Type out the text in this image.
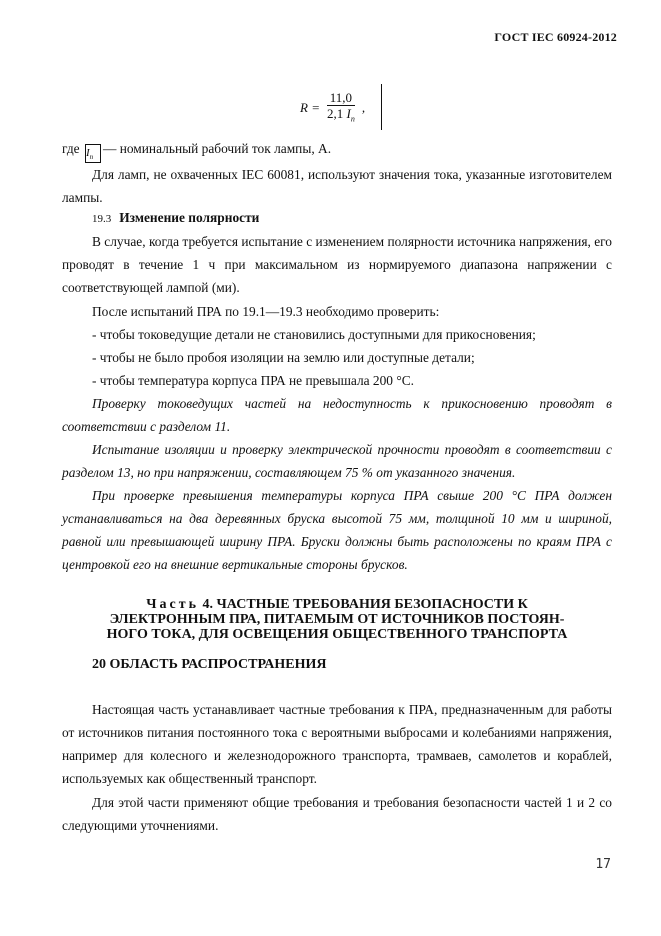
ГОСТ IEC 60924-2012
$R = \frac{11,0}{2,1 I_n}$ ,
где $I_n—$ номинальный рабочий ток лампы, А.
Для ламп, не охваченных IEC 60081, используют значения тока, указанные изготовителем лампы.
19.3 Изменение полярности
В случае, когда требуется испытание с изменением полярности источника напряжения, его проводят в течение 1 ч при максимальном из нормируемого диапазона напряжении с соответствующей лампой (ми).
После испытаний ПРА по 19.1—19.3 необходимо проверить:
- чтобы токоведущие детали не становились доступными для прикосновения;
- чтобы не было пробоя изоляции на землю или доступные детали;
- чтобы температура корпуса ПРА не превышала 200 °С.
Проверку токоведущих частей на недоступность к прикосновению проводят в соответствии с разделом 11.
Испытание изоляции и проверку электрической прочности проводят в соответствии с разделом 13, но при напряжении, составляющем 75 % от указанного значения.
При проверке превышения температуры корпуса ПРА свыше 200 °С ПРА должен устанавливаться на два деревянных бруска высотой 75 мм, толщиной 10 мм и шириной, равной или превышающей ширину ПРА. Бруски должны быть расположены по краям ПРА с центровкой его на внешние вертикальные стороны брусков.
Часть 4. ЧАСТНЫЕ ТРЕБОВАНИЯ БЕЗОПАСНОСТИ К
ЭЛЕКТРОННЫМ ПРА, ПИТАЕМЫМ ОТ ИСТОЧНИКОВ ПОСТОЯН-
НОГО ТОКА, ДЛЯ ОСВЕЩЕНИЯ ОБЩЕСТВЕННОГО ТРАНСПОРТА
20 ОБЛАСТЬ РАСПРОСТРАНЕНИЯ
Настоящая часть устанавливает частные требования к ПРА, предназначенным для работы от источников питания постоянного тока с вероятными выбросами и колебаниями напряжения, например для колесного и железнодорожного транспорта, трамваев, самолетов и кораблей, используемых как общественный транспорт.
Для этой части применяют общие требования и требования безопасности частей 1 и 2 со следующими уточнениями.
17
